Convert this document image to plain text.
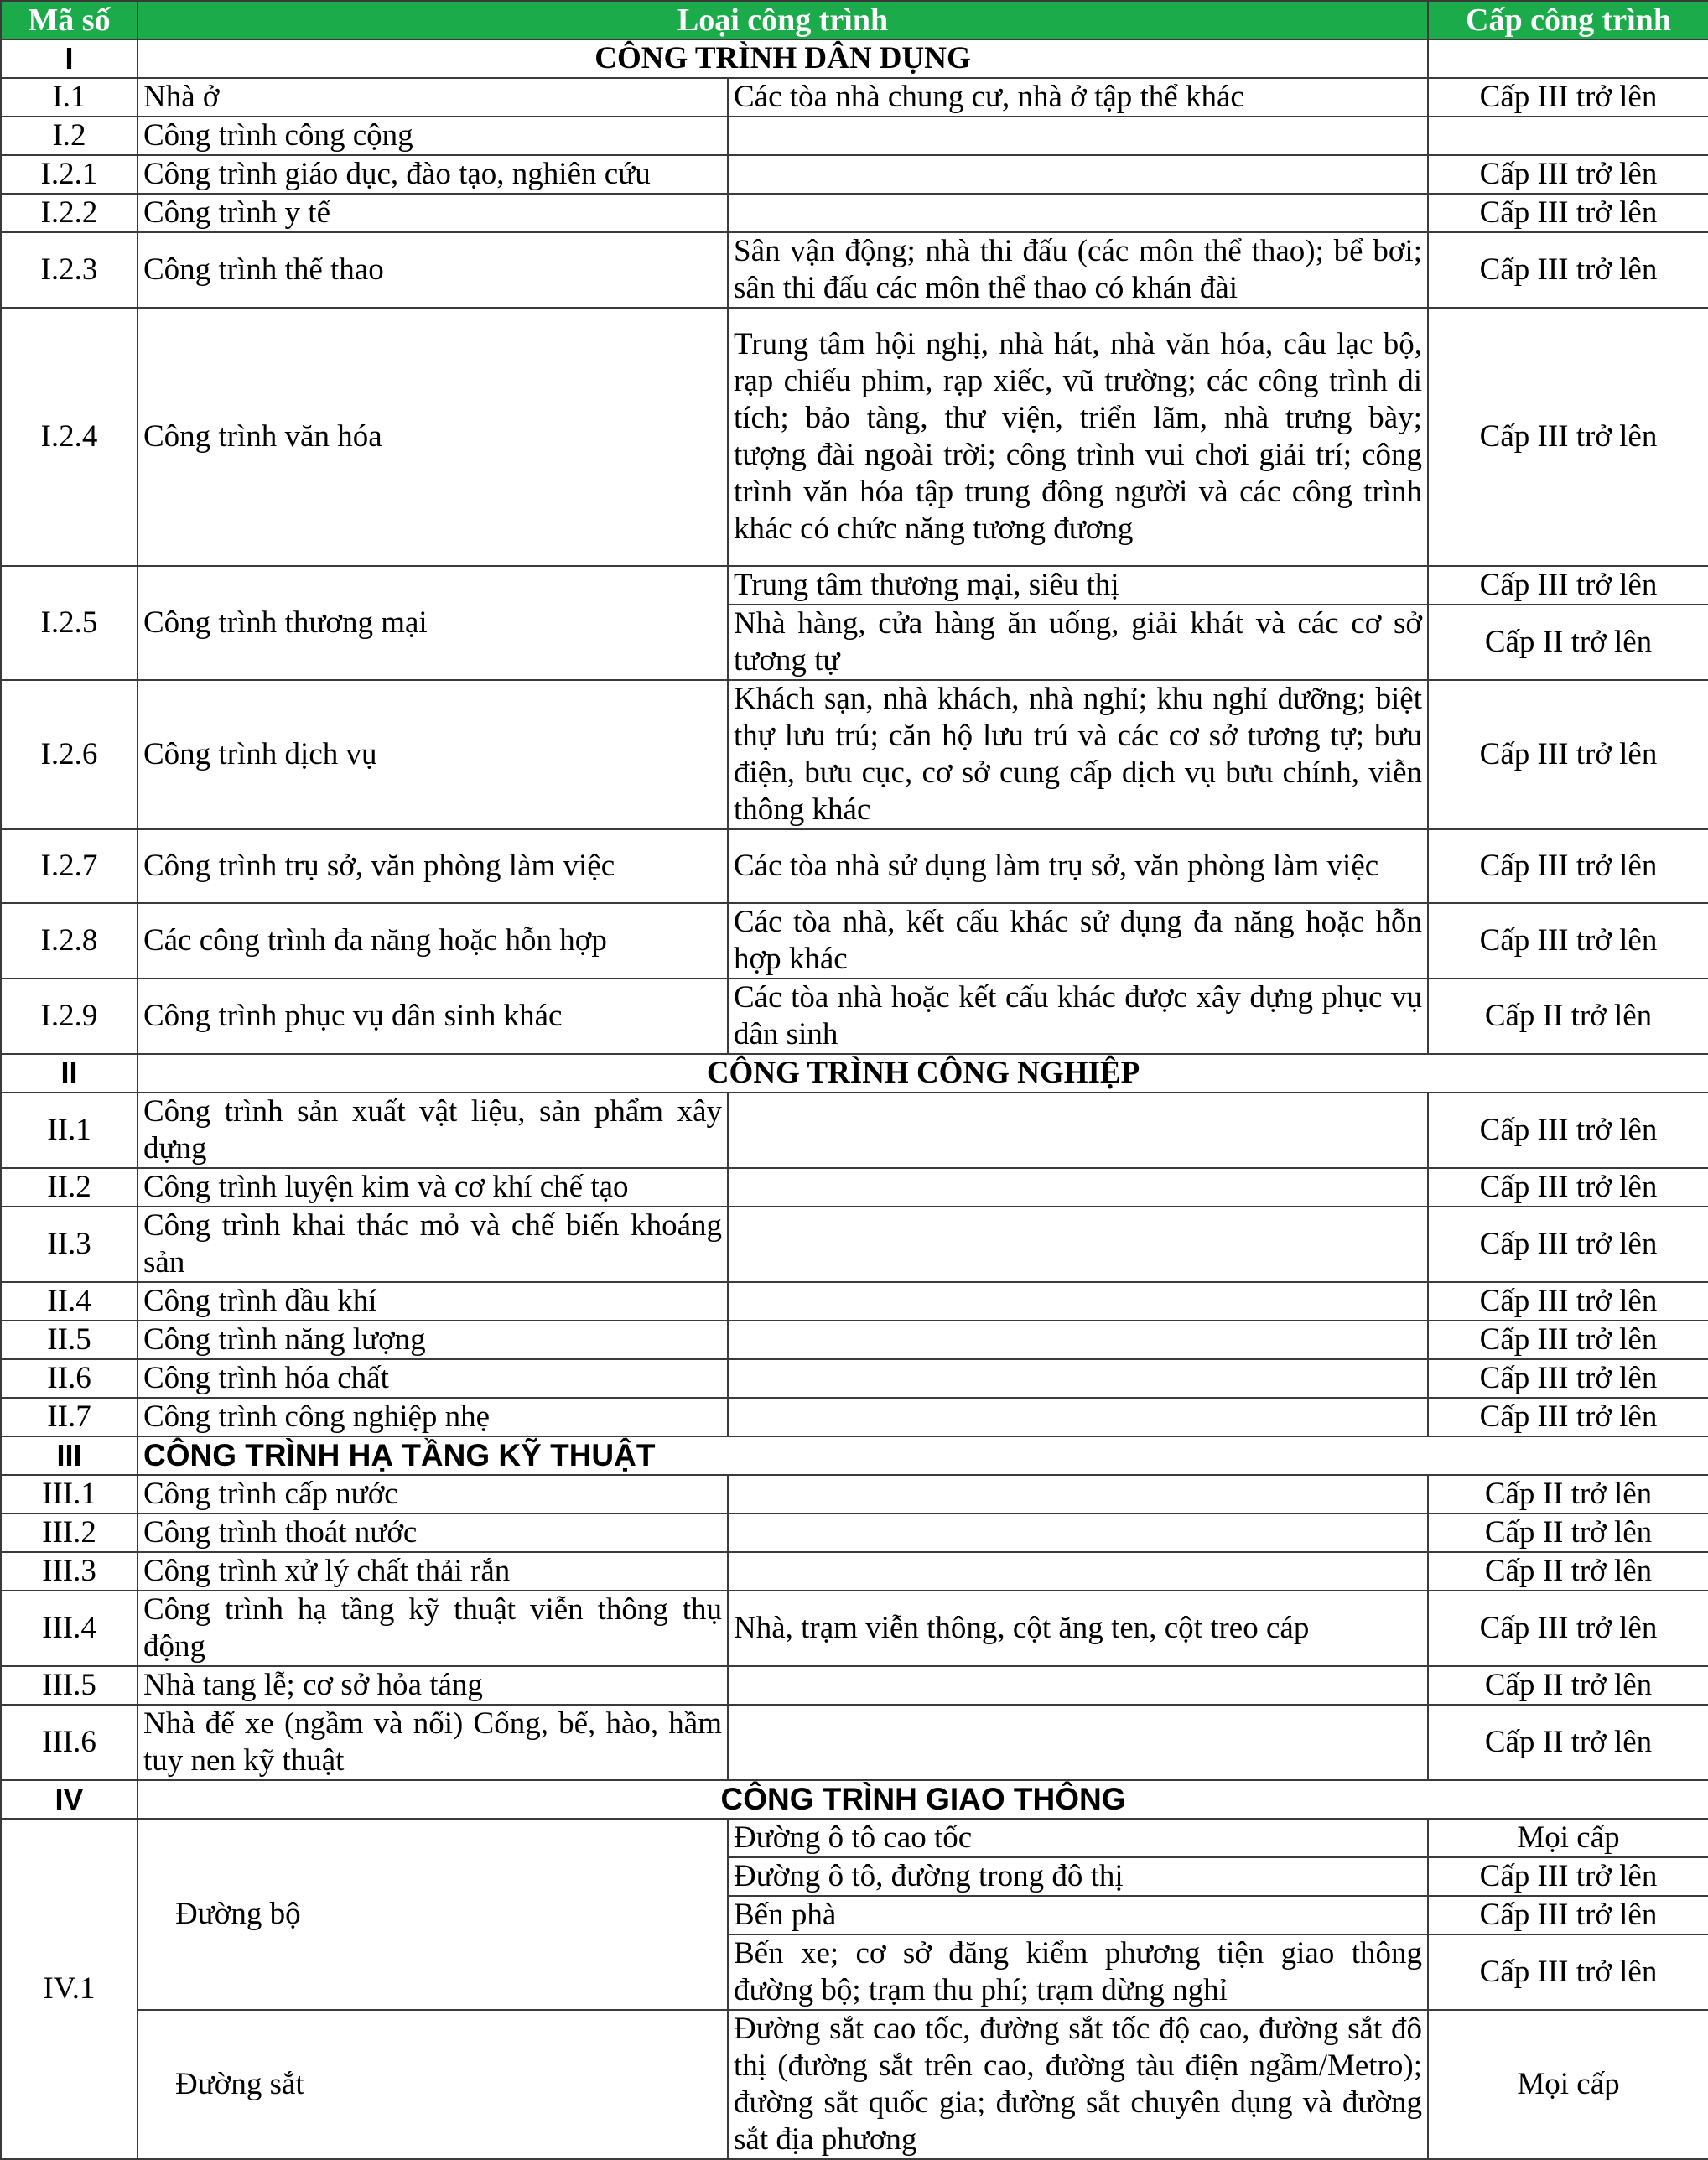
Mã số	Loại công trình		Cấp công trình
I	CÔNG TRÌNH DÂN DỤNG		
I.1	Nhà ở	Các tòa nhà chung cư, nhà ở tập thể khác	Cấp III trở lên
I.2	Công trình công cộng		
I.2.1	Công trình giáo dục, đào tạo, nghiên cứu		Cấp III trở lên
I.2.2	Công trình y tế		Cấp III trở lên
I.2.3	Công trình thể thao	Sân vận động; nhà thi đấu (các môn thể thao); bể bơi; sân thi đấu các môn thể thao có khán đài	Cấp III trở lên
I.2.4	Công trình văn hóa	Trung tâm hội nghị, nhà hát, nhà văn hóa, câu lạc bộ, rạp chiếu phim, rạp xiếc, vũ trường; các công trình di tích; bảo tàng, thư viện, triển lãm, nhà trưng bày; tượng đài ngoài trời; công trình vui chơi giải trí; công trình văn hóa tập trung đông người và các công trình khác có chức năng tương đương	Cấp III trở lên
I.2.5	Công trình thương mại	Trung tâm thương mại, siêu thị	Cấp III trở lên
		Nhà hàng, cửa hàng ăn uống, giải khát và các cơ sở tương tự	Cấp II trở lên
I.2.6	Công trình dịch vụ	Khách sạn, nhà khách, nhà nghỉ; khu nghỉ dưỡng; biệt thự lưu trú; căn hộ lưu trú và các cơ sở tương tự; bưu điện, bưu cục, cơ sở cung cấp dịch vụ bưu chính, viễn thông khác	Cấp III trở lên
I.2.7	Công trình trụ sở, văn phòng làm việc	Các tòa nhà sử dụng làm trụ sở, văn phòng làm việc	Cấp III trở lên
I.2.8	Các công trình đa năng hoặc hỗn hợp	Các tòa nhà, kết cấu khác sử dụng đa năng hoặc hỗn hợp khác	Cấp III trở lên
I.2.9	Công trình phục vụ dân sinh khác	Các tòa nhà hoặc kết cấu khác được xây dựng phục vụ dân sinh	Cấp II trở lên
II	CÔNG TRÌNH CÔNG NGHIỆP		
II.1	Công trình sản xuất vật liệu, sản phẩm xây dựng		Cấp III trở lên
II.2	Công trình luyện kim và cơ khí chế tạo		Cấp III trở lên
II.3	Công trình khai thác mỏ và chế biến khoáng sản		Cấp III trở lên
II.4	Công trình dầu khí		Cấp III trở lên
II.5	Công trình năng lượng		Cấp III trở lên
II.6	Công trình hóa chất		Cấp III trở lên
II.7	Công trình công nghiệp nhẹ		Cấp III trở lên
III	CÔNG TRÌNH HẠ TẦNG KỸ THUẬT		
III.1	Công trình cấp nước		Cấp II trở lên
III.2	Công trình thoát nước		Cấp II trở lên
III.3	Công trình xử lý chất thải rắn		Cấp II trở lên
III.4	Công trình hạ tầng kỹ thuật viễn thông thụ động	Nhà, trạm viễn thông, cột ăng ten, cột treo cáp	Cấp III trở lên
III.5	Nhà tang lễ; cơ sở hỏa táng		Cấp II trở lên
III.6	Nhà để xe (ngầm và nổi) Cống, bể, hào, hầm tuy nen kỹ thuật		Cấp II trở lên
IV	CÔNG TRÌNH GIAO THÔNG		
IV.1	Đường bộ	Đường ô tô cao tốc	Mọi cấp
		Đường ô tô, đường trong đô thị	Cấp III trở lên
		Bến phà	Cấp III trở lên
		Bến xe; cơ sở đăng kiểm phương tiện giao thông đường bộ; trạm thu phí; trạm dừng nghỉ	Cấp III trở lên
	Đường sắt	Đường sắt cao tốc, đường sắt tốc độ cao, đường sắt đô thị (đường sắt trên cao, đường tàu điện ngầm/Metro); đường sắt quốc gia; đường sắt chuyên dụng và đường sắt địa phương	Mọi cấp
